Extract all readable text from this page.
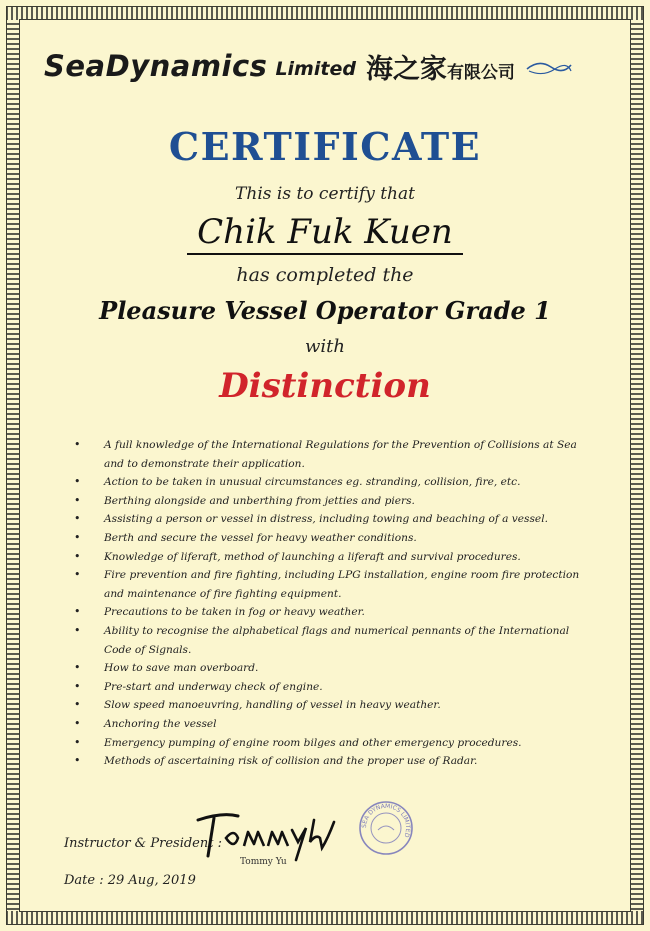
SeaDynamics Limited 海之家 有限公司
CERTIFICATE
This is to certify that
Chik Fuk Kuen
has completed the
Pleasure Vessel Operator Grade 1
with
Distinction
• A full knowledge of the International Regulations for the Prevention of Collisions at Sea and to demonstrate their application.
• Action to be taken in unusual circumstances eg. stranding, collision, fire, etc.
• Berthing alongside and unberthing from jetties and piers.
• Assisting a person or vessel in distress, including towing and beaching of a vessel.
• Berth and secure the vessel for heavy weather conditions.
• Knowledge of liferaft, method of launching a liferaft and survival procedures.
• Fire prevention and fire fighting, including LPG installation, engine room fire protection and maintenance of fire fighting equipment.
• Precautions to be taken in fog or heavy weather.
• Ability to recognise the alphabetical flags and numerical pennants of the International Code of Signals.
• How to save man overboard.
• Pre-start and underway check of engine.
• Slow speed manoeuvring, handling of vessel in heavy weather.
• Anchoring the vessel
• Emergency pumping of engine room bilges and other emergency procedures.
• Methods of ascertaining risk of collision and the proper use of Radar.
Instructor & President :
Tommy Yu
SEA DYNAMICS LIMITED
Date : 29 Aug, 2019
